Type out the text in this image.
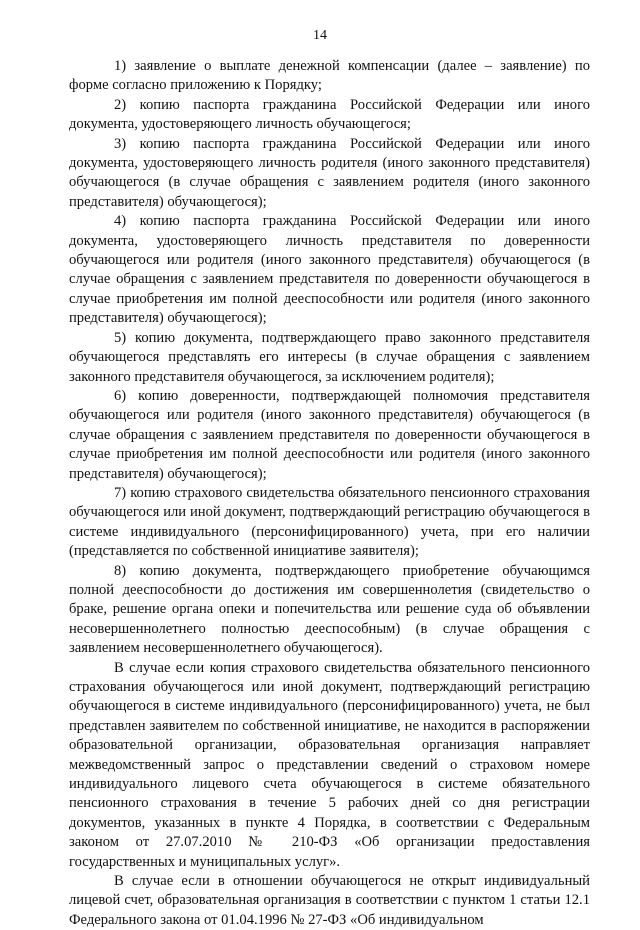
14

1) заявление о выплате денежной компенсации (далее – заявление) по форме согласно приложению к Порядку;

2) копию паспорта гражданина Российской Федерации или иного документа, удостоверяющего личность обучающегося;

3) копию паспорта гражданина Российской Федерации или иного документа, удостоверяющего личность родителя (иного законного представителя) обучающегося (в случае обращения с заявлением родителя (иного законного представителя) обучающегося);

4) копию паспорта гражданина Российской Федерации или иного документа, удостоверяющего личность представителя по доверенности обучающегося или родителя (иного законного представителя) обучающегося (в случае обращения с заявлением представителя по доверенности обучающегося в случае приобретения им полной дееспособности или родителя (иного законного представителя) обучающегося);

5) копию документа, подтверждающего право законного представителя обучающегося представлять его интересы (в случае обращения с заявлением законного представителя обучающегося, за исключением родителя);

6) копию доверенности, подтверждающей полномочия представителя обучающегося или родителя (иного законного представителя) обучающегося (в случае обращения с заявлением представителя по доверенности обучающегося в случае приобретения им полной дееспособности или родителя (иного законного представителя) обучающегося);

7) копию страхового свидетельства обязательного пенсионного страхования обучающегося или иной документ, подтверждающий регистрацию обучающегося в системе индивидуального (персонифицированного) учета, при его наличии (представляется по собственной инициативе заявителя);

8) копию документа, подтверждающего приобретение обучающимся полной дееспособности до достижения им совершеннолетия (свидетельство о браке, решение органа опеки и попечительства или решение суда об объявлении несовершеннолетнего полностью дееспособным) (в случае обращения с заявлением несовершеннолетнего обучающегося).

В случае если копия страхового свидетельства обязательного пенсионного страхования обучающегося или иной документ, подтверждающий регистрацию обучающегося в системе индивидуального (персонифицированного) учета, не был представлен заявителем по собственной инициативе, не находится в распоряжении образовательной организации, образовательная организация направляет межведомственный запрос о представлении сведений о страховом номере индивидуального лицевого счета обучающегося в системе обязательного пенсионного страхования в течение 5 рабочих дней со дня регистрации документов, указанных в пункте 4 Порядка, в соответствии с Федеральным законом от 27.07.2010 № 210-ФЗ «Об организации предоставления государственных и муниципальных услуг».

В случае если в отношении обучающегося не открыт индивидуальный лицевой счет, образовательная организация в соответствии с пунктом 1 статьи 12.1 Федерального закона от 01.04.1996 № 27-ФЗ «Об индивидуальном
